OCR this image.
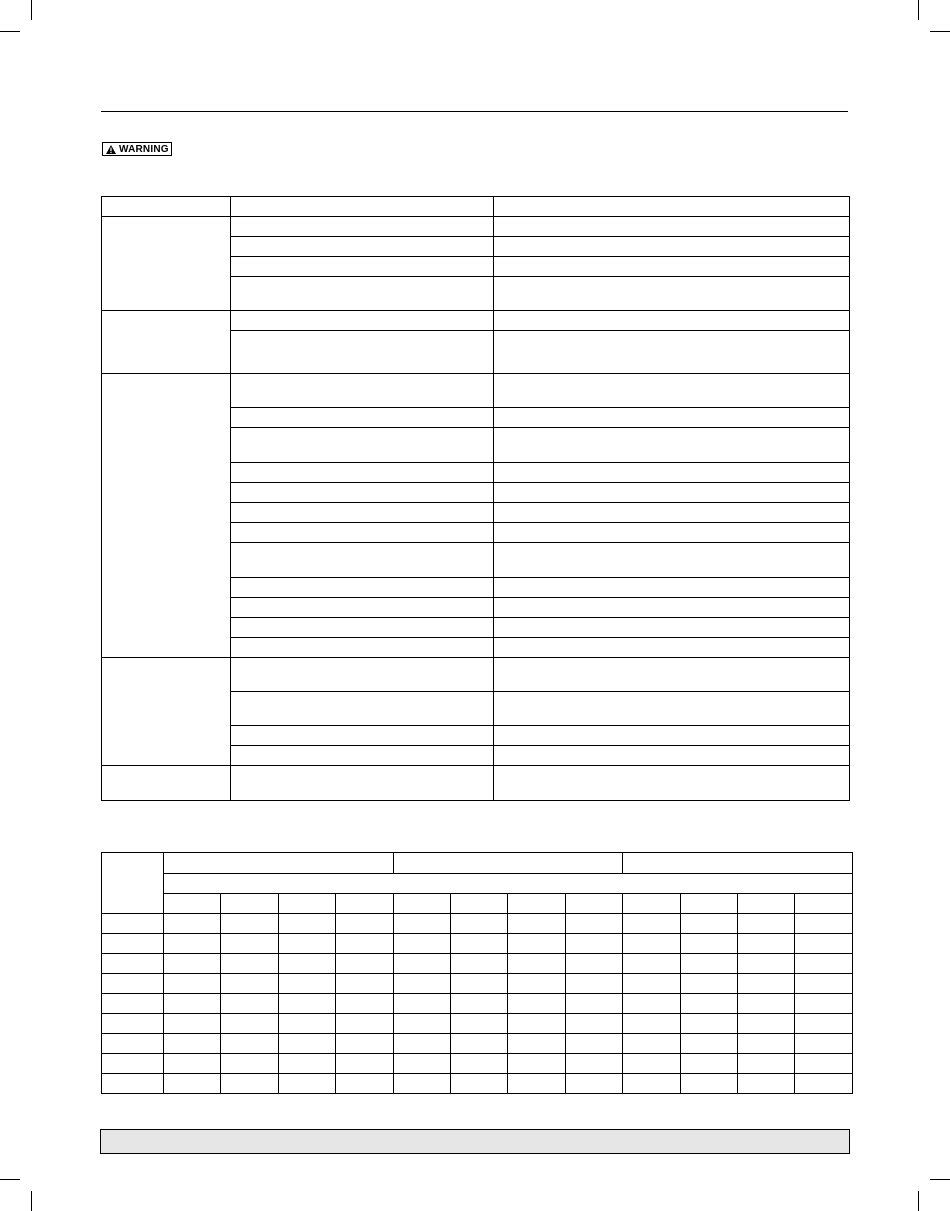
WARNING
